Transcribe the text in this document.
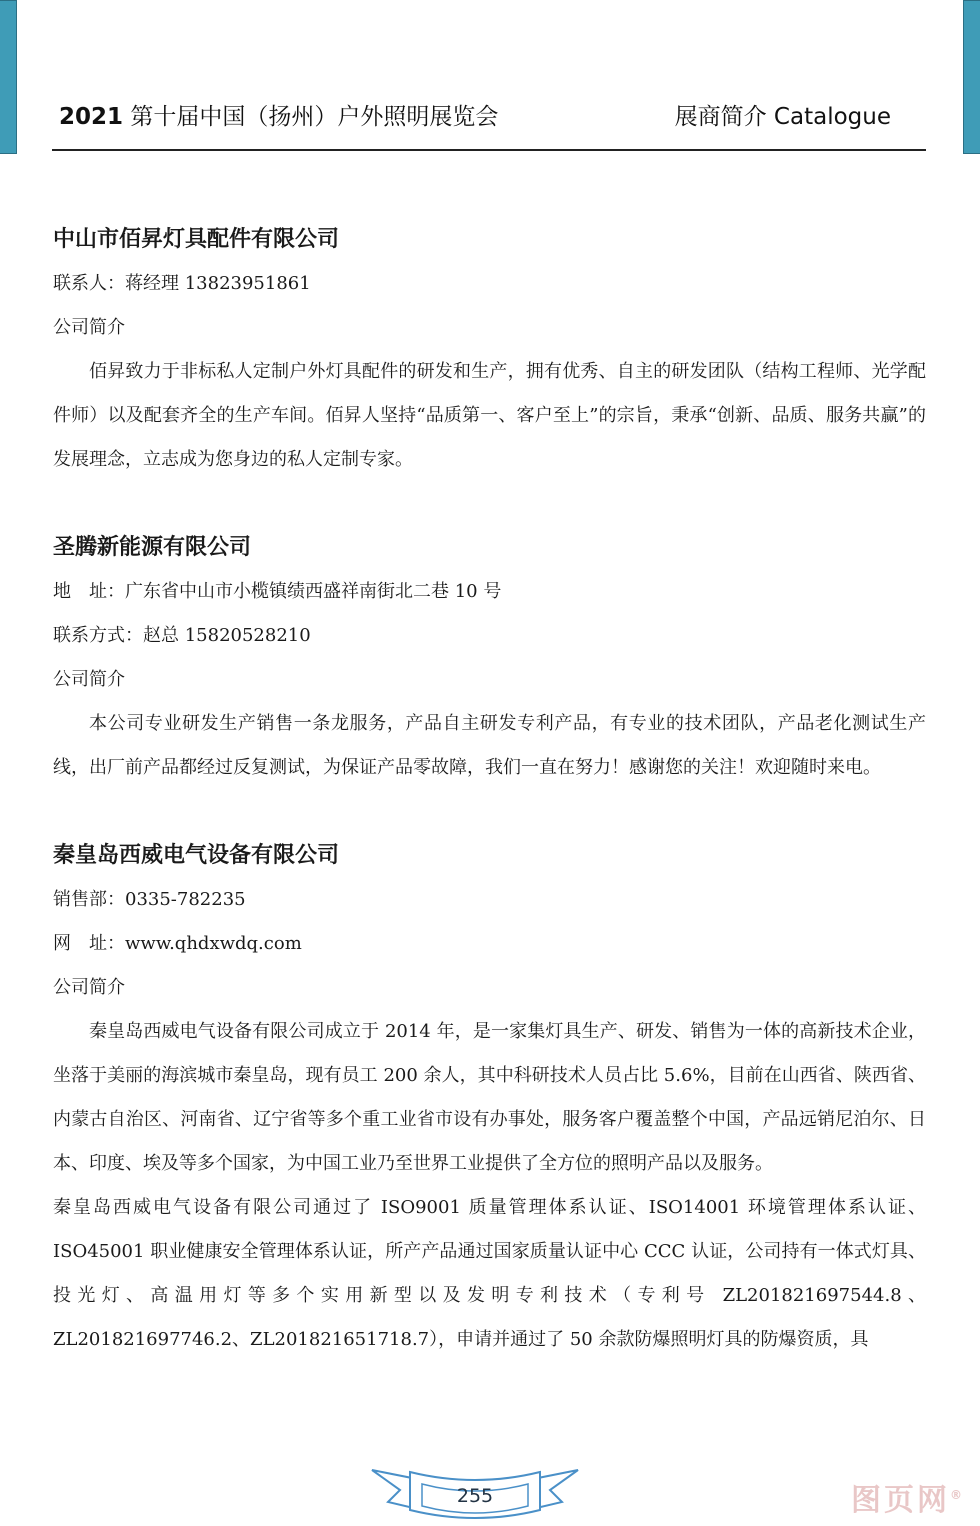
2021 第十届中国（扬州）户外照明展览会	展商简介 Catalogue
中山市佰昇灯具配件有限公司
联系人：蒋经理 13823951861
公司简介

佰昇致力于非标私人定制户外灯具配件的研发和生产，拥有优秀、自主的研发团队（结构工程师、光学配件师）以及配套齐全的生产车间。佰昇人坚持“品质第一、客户至上”的宗旨，秉承“创新、品质、服务共赢”的发展理念，立志成为您身边的私人定制专家。

圣腾新能源有限公司
地　址：广东省中山市小榄镇绩西盛祥南街北二巷 10 号
联系方式：赵总 15820528210
公司简介

本公司专业研发生产销售一条龙服务，产品自主研发专利产品，有专业的技术团队，产品老化测试生产线，出厂前产品都经过反复测试，为保证产品零故障，我们一直在努力！感谢您的关注！欢迎随时来电。

秦皇岛西威电气设备有限公司
销售部：0335-782235
网　址：www.qhdxwdq.com
公司简介

秦皇岛西威电气设备有限公司成立于 2014 年，是一家集灯具生产、研发、销售为一体的高新技术企业，坐落于美丽的海滨城市秦皇岛，现有员工 200 余人，其中科研技术人员占比 5.6%，目前在山西省、陕西省、内蒙古自治区、河南省、辽宁省等多个重工业省市设有办事处，服务客户覆盖整个中国，产品远销尼泊尔、日本、印度、埃及等多个国家，为中国工业乃至世界工业提供了全方位的照明产品以及服务。

秦皇岛西威电气设备有限公司通过了 ISO9001 质量管理体系认证、ISO14001 环境管理体系认证、ISO45001 职业健康安全管理体系认证，所产产品通过国家质量认证中心 CCC 认证，公司持有一体式灯具、投光灯、高温用灯等多个实用新型以及发明专利技术（专利号 ZL201821697544.8、ZL201821697746.2、ZL201821651718.7），申请并通过了 50 余款防爆照明灯具的防爆资质，具

255	图页网®
